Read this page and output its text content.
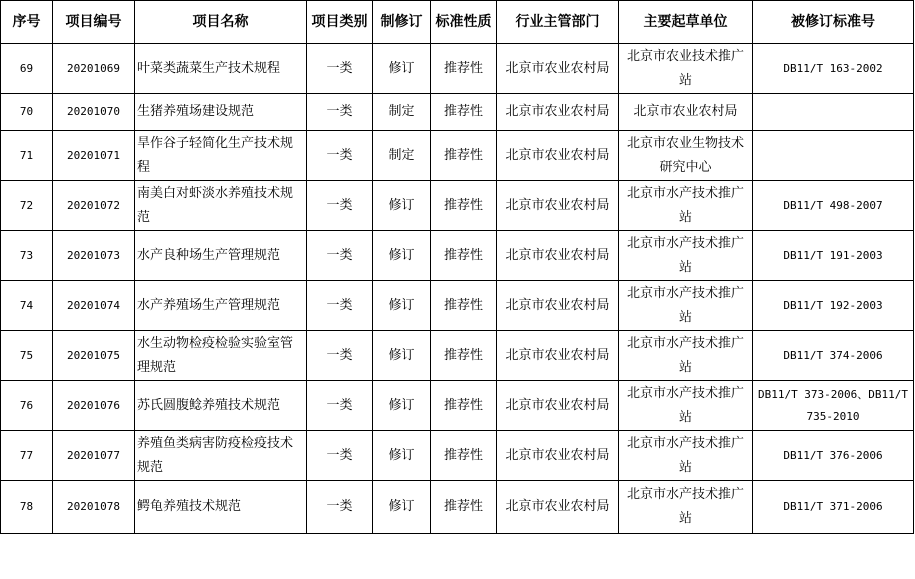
序号	项目编号	项目名称	项目类别	制修订	标准性质	行业主管部门	主要起草单位	被修订标准号
69	20201069	叶菜类蔬菜生产技术规程	一类	修订	推荐性	北京市农业农村局	北京市农业技术推广站	DB11/T 163-2002
70	20201070	生猪养殖场建设规范	一类	制定	推荐性	北京市农业农村局	北京市农业农村局	
71	20201071	旱作谷子轻简化生产技术规程	一类	制定	推荐性	北京市农业农村局	北京市农业生物技术研究中心	
72	20201072	南美白对虾淡水养殖技术规范	一类	修订	推荐性	北京市农业农村局	北京市水产技术推广站	DB11/T 498-2007
73	20201073	水产良种场生产管理规范	一类	修订	推荐性	北京市农业农村局	北京市水产技术推广站	DB11/T 191-2003
74	20201074	水产养殖场生产管理规范	一类	修订	推荐性	北京市农业农村局	北京市水产技术推广站	DB11/T 192-2003
75	20201075	水生动物检疫检验实验室管理规范	一类	修订	推荐性	北京市农业农村局	北京市水产技术推广站	DB11/T 374-2006
76	20201076	苏氏圆腹鲶养殖技术规范	一类	修订	推荐性	北京市农业农村局	北京市水产技术推广站	DB11/T 373-2006、DB11/T 735-2010
77	20201077	养殖鱼类病害防疫检疫技术规范	一类	修订	推荐性	北京市农业农村局	北京市水产技术推广站	DB11/T 376-2006
78	20201078	鳄龟养殖技术规范	一类	修订	推荐性	北京市农业农村局	北京市水产技术推广站	DB11/T 371-2006
